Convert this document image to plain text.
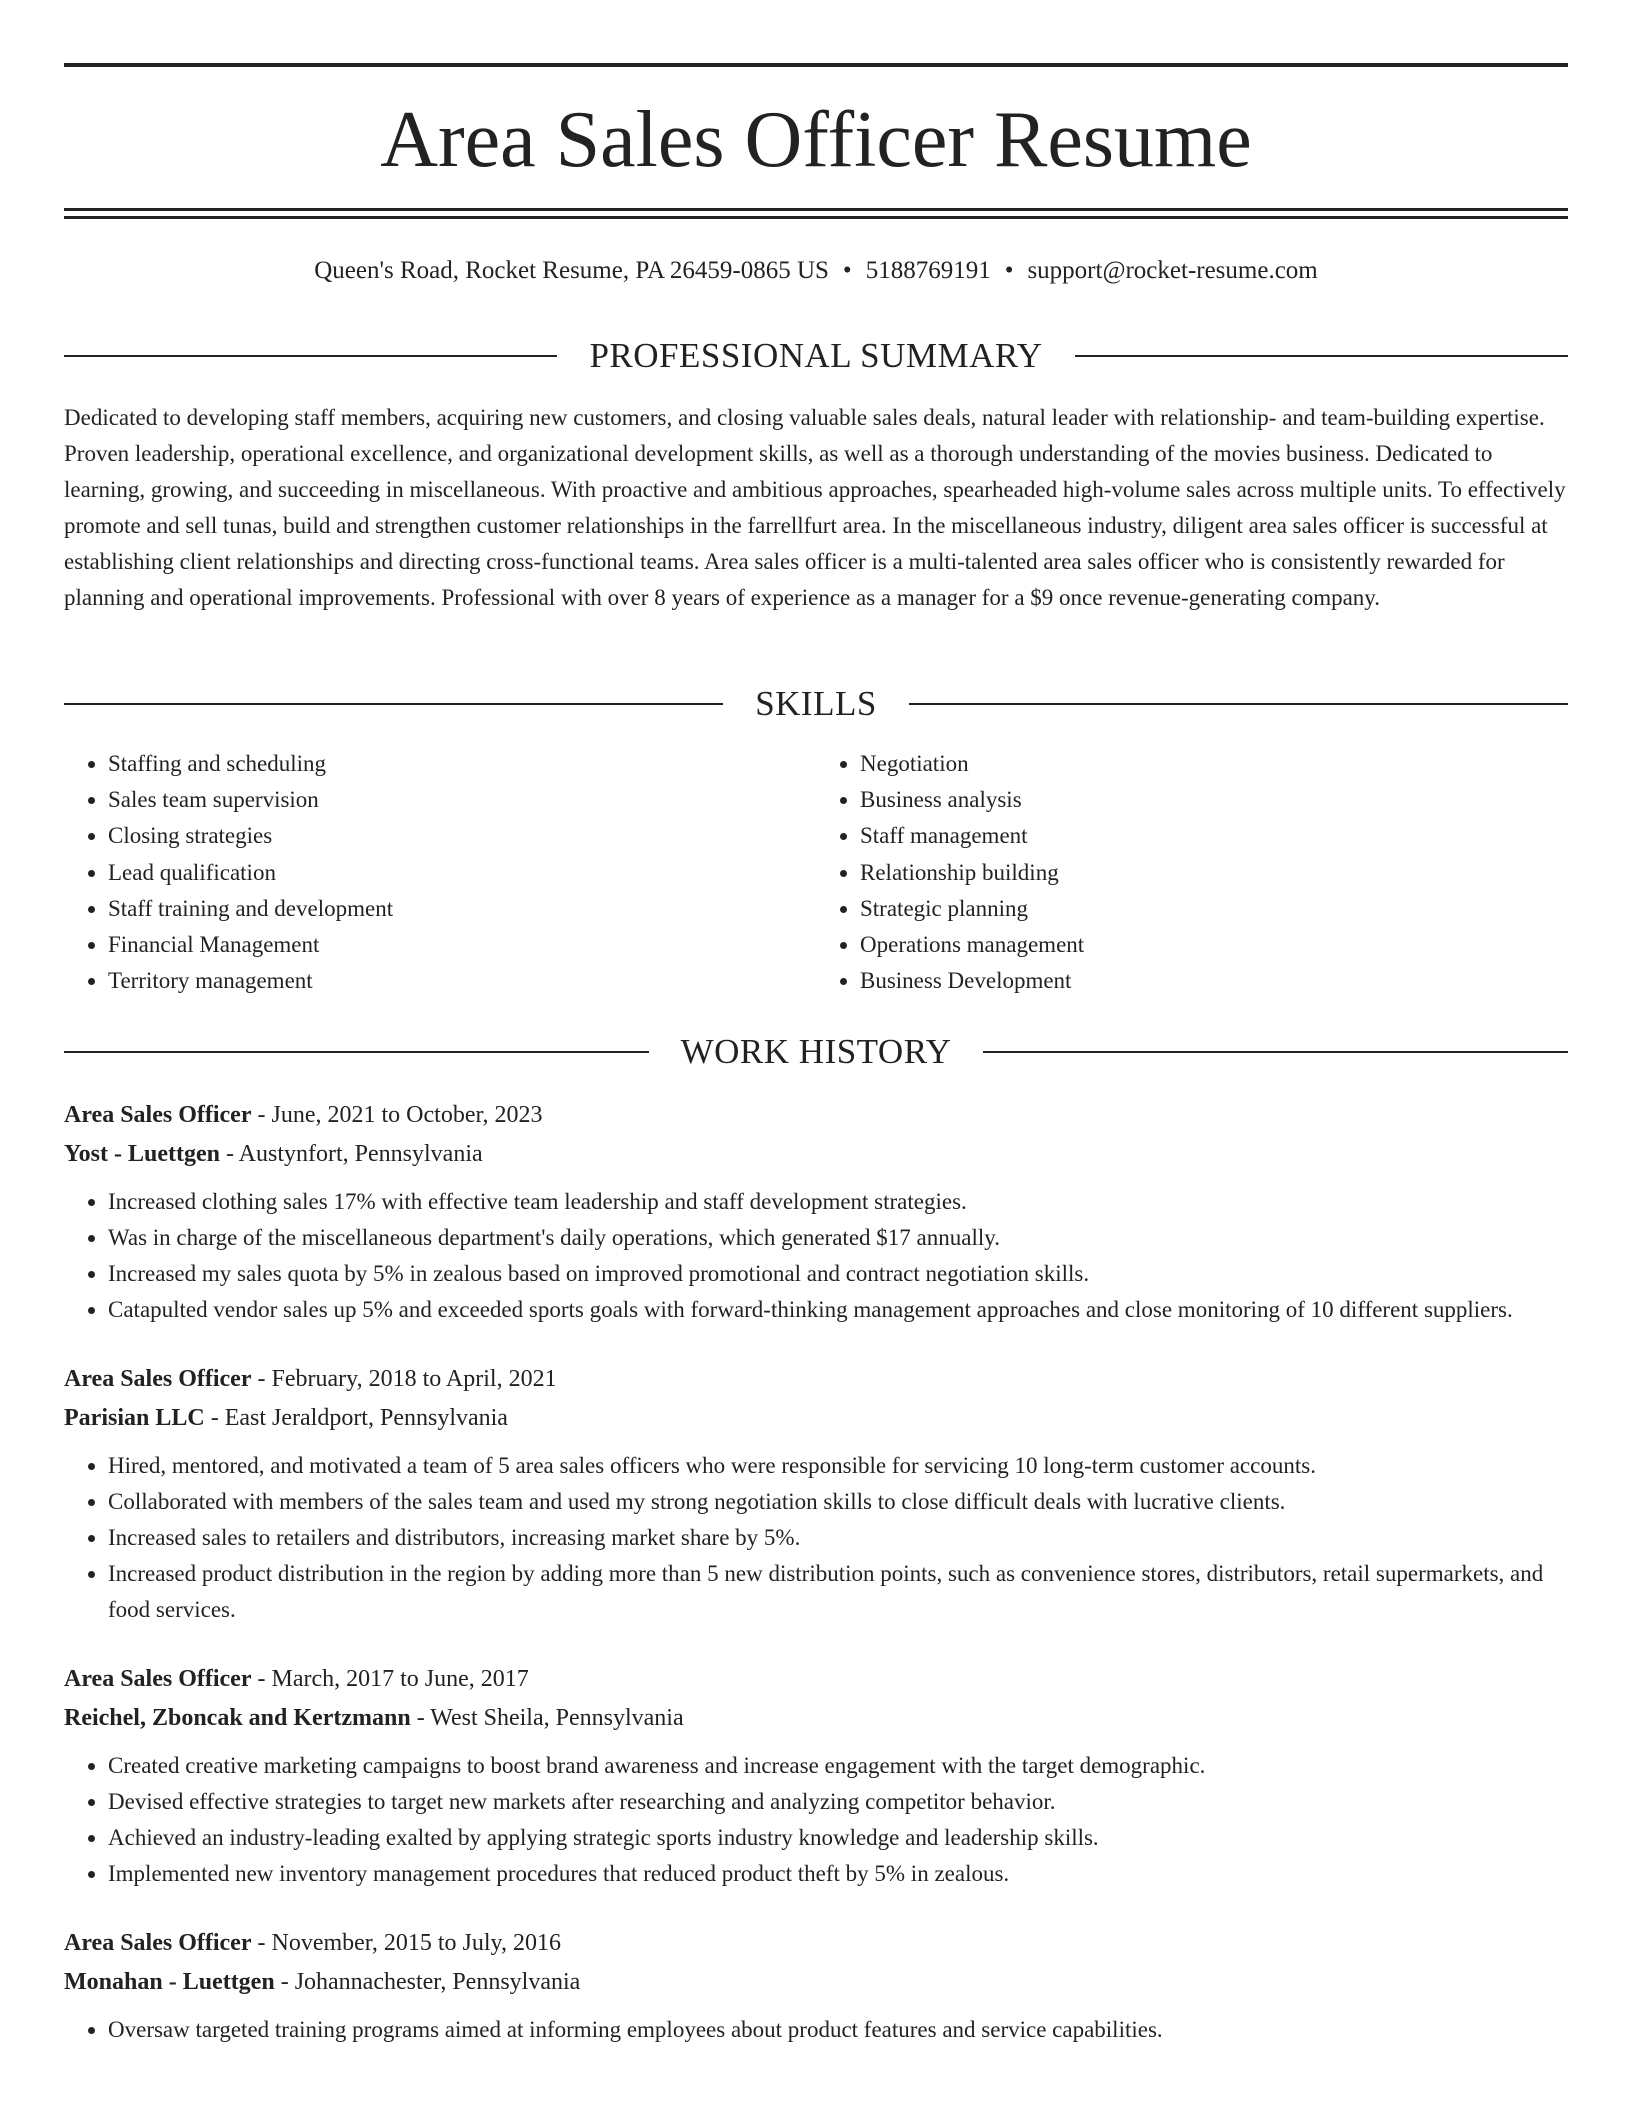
Area Sales Officer Resume
Queen's Road, Rocket Resume, PA 26459-0865 US • 5188769191 • support@rocket-resume.com
PROFESSIONAL SUMMARY

Dedicated to developing staff members, acquiring new customers, and closing valuable sales deals, natural leader with relationship- and team-building expertise. Proven leadership, operational excellence, and organizational development skills, as well as a thorough understanding of the movies business. Dedicated to learning, growing, and succeeding in miscellaneous. With proactive and ambitious approaches, spearheaded high-volume sales across multiple units. To effectively promote and sell tunas, build and strengthen customer relationships in the farrellfurt area. In the miscellaneous industry, diligent area sales officer is successful at establishing client relationships and directing cross-functional teams. Area sales officer is a multi-talented area sales officer who is consistently rewarded for planning and operational improvements. Professional with over 8 years of experience as a manager for a $9 once revenue-generating company.

SKILLS
• Staffing and scheduling
• Sales team supervision
• Closing strategies
• Lead qualification
• Staff training and development
• Financial Management
• Territory management
• Negotiation
• Business analysis
• Staff management
• Relationship building
• Strategic planning
• Operations management
• Business Development
WORK HISTORY
Area Sales Officer - June, 2021 to October, 2023
Yost - Luettgen - Austynfort, Pennsylvania
• Increased clothing sales 17% with effective team leadership and staff development strategies.
• Was in charge of the miscellaneous department's daily operations, which generated $17 annually.
• Increased my sales quota by 5% in zealous based on improved promotional and contract negotiation skills.
• Catapulted vendor sales up 5% and exceeded sports goals with forward-thinking management approaches and close monitoring of 10 different suppliers.
Area Sales Officer - February, 2018 to April, 2021
Parisian LLC - East Jeraldport, Pennsylvania
• Hired, mentored, and motivated a team of 5 area sales officers who were responsible for servicing 10 long-term customer accounts.
• Collaborated with members of the sales team and used my strong negotiation skills to close difficult deals with lucrative clients.
• Increased sales to retailers and distributors, increasing market share by 5%.
• Increased product distribution in the region by adding more than 5 new distribution points, such as convenience stores, distributors, retail supermarkets, and food services.
Area Sales Officer - March, 2017 to June, 2017
Reichel, Zboncak and Kertzmann - West Sheila, Pennsylvania
• Created creative marketing campaigns to boost brand awareness and increase engagement with the target demographic.
• Devised effective strategies to target new markets after researching and analyzing competitor behavior.
• Achieved an industry-leading exalted by applying strategic sports industry knowledge and leadership skills.
• Implemented new inventory management procedures that reduced product theft by 5% in zealous.
Area Sales Officer - November, 2015 to July, 2016
Monahan - Luettgen - Johannachester, Pennsylvania
• Oversaw targeted training programs aimed at informing employees about product features and service capabilities.
